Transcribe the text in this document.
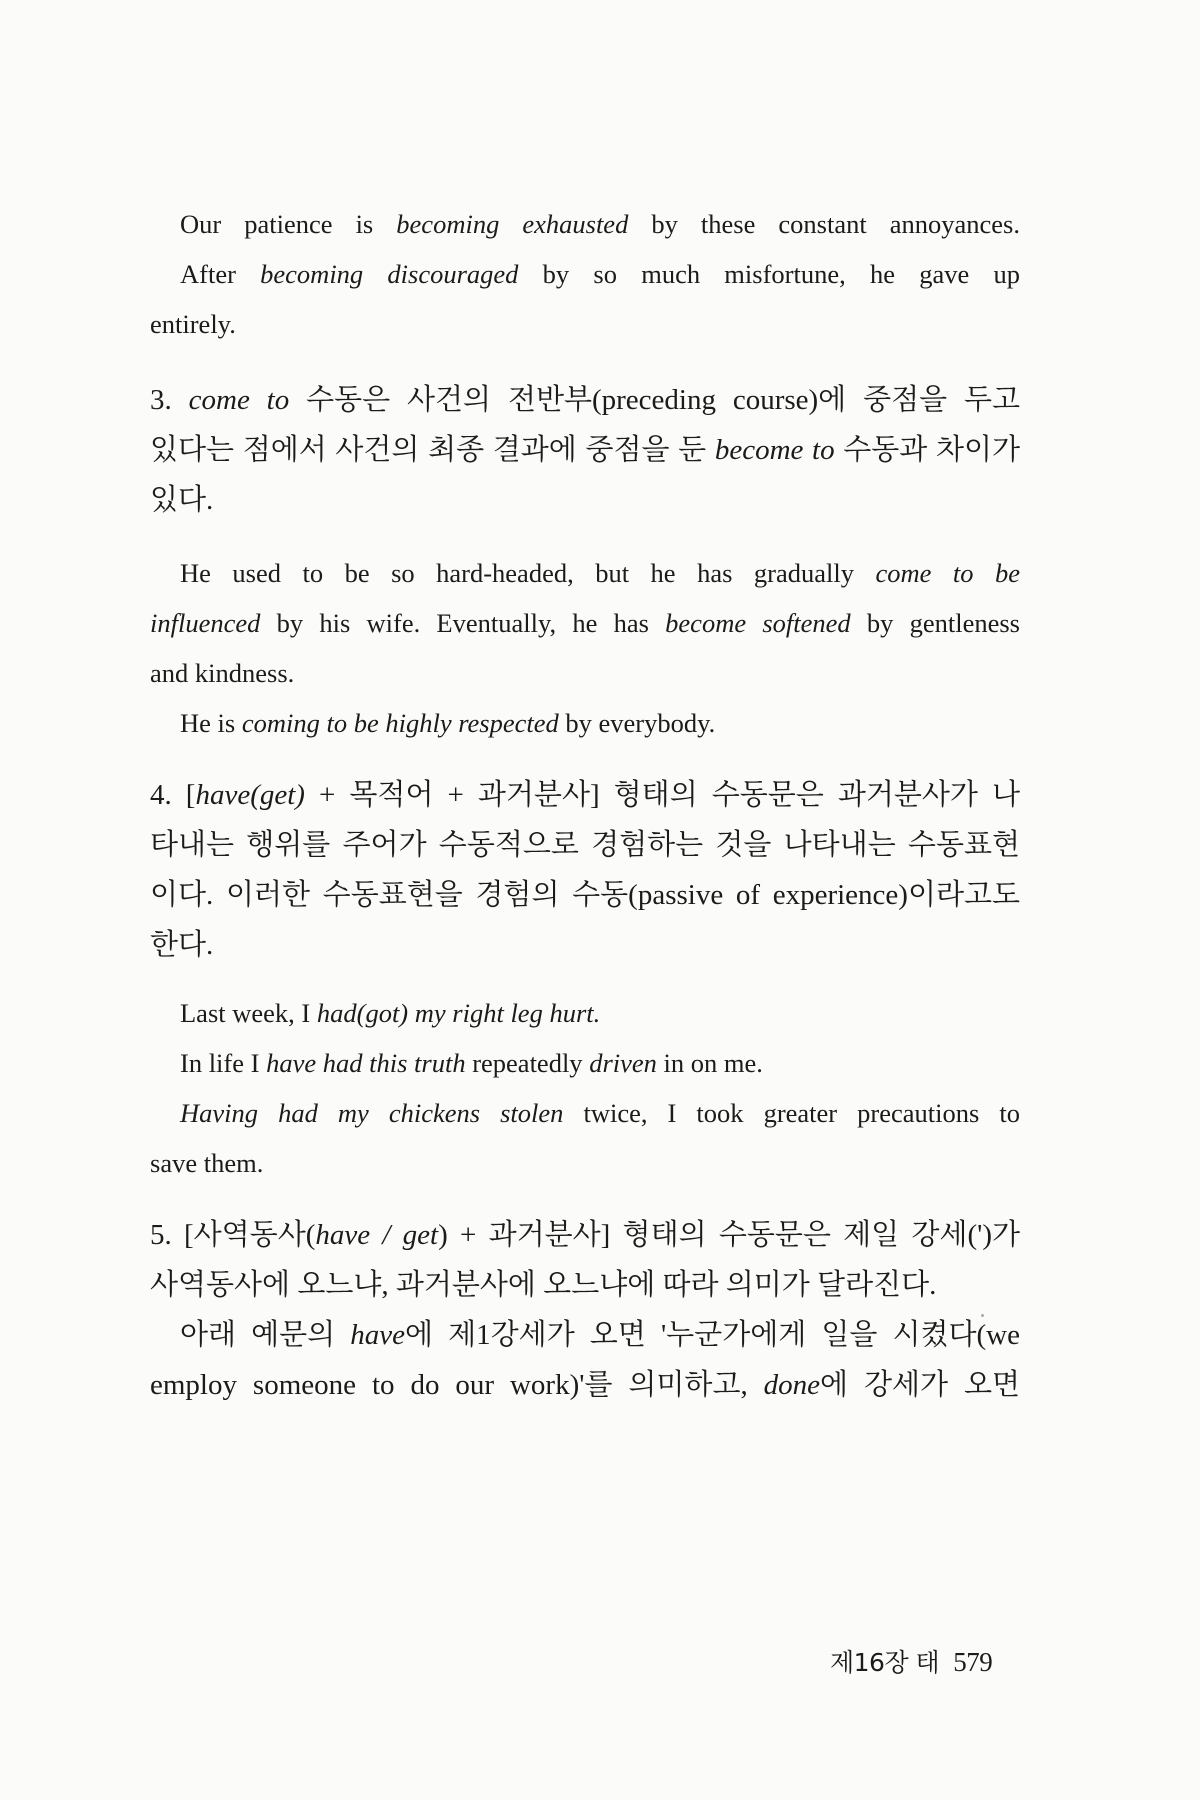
Our patience is becoming exhausted by these constant annoyances.
After becoming discouraged by so much misfortune, he gave up
entirely.
3. come to 수동은 사건의 전반부(preceding course)에 중점을 두고
있다는 점에서 사건의 최종 결과에 중점을 둔 become to 수동과 차이가
있다.
He used to be so hard-headed, but he has gradually come to be
influenced by his wife. Eventually, he has become softened by gentleness
and kindness.
He is coming to be highly respected by everybody.
4. [have(get) + 목적어 + 과거분사] 형태의 수동문은 과거분사가 나
타내는 행위를 주어가 수동적으로 경험하는 것을 나타내는 수동표현
이다. 이러한 수동표현을 경험의 수동(passive of experience)이라고도
한다.
Last week, I had(got) my right leg hurt.
In life I have had this truth repeatedly driven in on me.
Having had my chickens stolen twice, I took greater precautions to
save them.
5. [사역동사(have / get) + 과거분사] 형태의 수동문은 제일 강세(')가
사역동사에 오느냐, 과거분사에 오느냐에 따라 의미가 달라진다.
아래 예문의 have에 제1강세가 오면 '누군가에게 일을 시켰다(we
employ someone to do our work)'를 의미하고, done에 강세가 오면
제16장 태 579
